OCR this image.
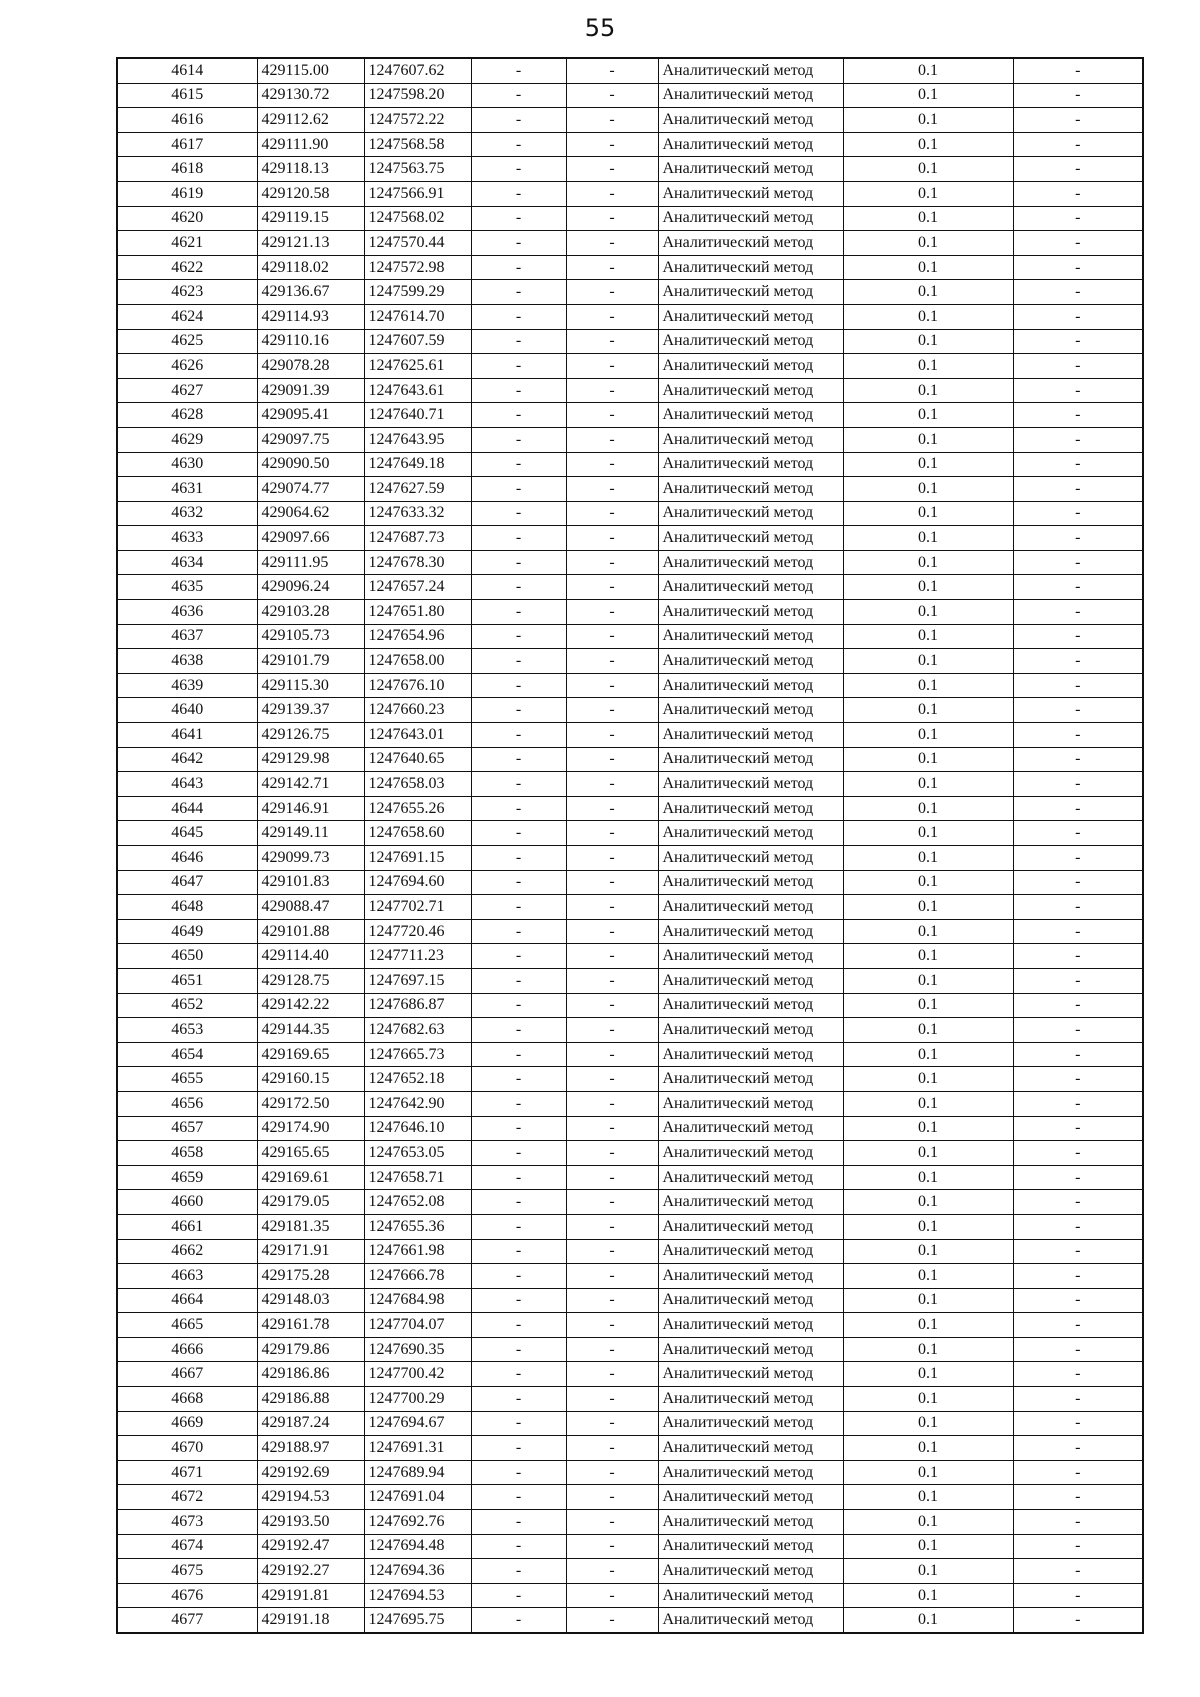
55
4614	429115.00	1247607.62	-	-	Аналитический метод	0.1	-
4615	429130.72	1247598.20	-	-	Аналитический метод	0.1	-
4616	429112.62	1247572.22	-	-	Аналитический метод	0.1	-
4617	429111.90	1247568.58	-	-	Аналитический метод	0.1	-
4618	429118.13	1247563.75	-	-	Аналитический метод	0.1	-
4619	429120.58	1247566.91	-	-	Аналитический метод	0.1	-
4620	429119.15	1247568.02	-	-	Аналитический метод	0.1	-
4621	429121.13	1247570.44	-	-	Аналитический метод	0.1	-
4622	429118.02	1247572.98	-	-	Аналитический метод	0.1	-
4623	429136.67	1247599.29	-	-	Аналитический метод	0.1	-
4624	429114.93	1247614.70	-	-	Аналитический метод	0.1	-
4625	429110.16	1247607.59	-	-	Аналитический метод	0.1	-
4626	429078.28	1247625.61	-	-	Аналитический метод	0.1	-
4627	429091.39	1247643.61	-	-	Аналитический метод	0.1	-
4628	429095.41	1247640.71	-	-	Аналитический метод	0.1	-
4629	429097.75	1247643.95	-	-	Аналитический метод	0.1	-
4630	429090.50	1247649.18	-	-	Аналитический метод	0.1	-
4631	429074.77	1247627.59	-	-	Аналитический метод	0.1	-
4632	429064.62	1247633.32	-	-	Аналитический метод	0.1	-
4633	429097.66	1247687.73	-	-	Аналитический метод	0.1	-
4634	429111.95	1247678.30	-	-	Аналитический метод	0.1	-
4635	429096.24	1247657.24	-	-	Аналитический метод	0.1	-
4636	429103.28	1247651.80	-	-	Аналитический метод	0.1	-
4637	429105.73	1247654.96	-	-	Аналитический метод	0.1	-
4638	429101.79	1247658.00	-	-	Аналитический метод	0.1	-
4639	429115.30	1247676.10	-	-	Аналитический метод	0.1	-
4640	429139.37	1247660.23	-	-	Аналитический метод	0.1	-
4641	429126.75	1247643.01	-	-	Аналитический метод	0.1	-
4642	429129.98	1247640.65	-	-	Аналитический метод	0.1	-
4643	429142.71	1247658.03	-	-	Аналитический метод	0.1	-
4644	429146.91	1247655.26	-	-	Аналитический метод	0.1	-
4645	429149.11	1247658.60	-	-	Аналитический метод	0.1	-
4646	429099.73	1247691.15	-	-	Аналитический метод	0.1	-
4647	429101.83	1247694.60	-	-	Аналитический метод	0.1	-
4648	429088.47	1247702.71	-	-	Аналитический метод	0.1	-
4649	429101.88	1247720.46	-	-	Аналитический метод	0.1	-
4650	429114.40	1247711.23	-	-	Аналитический метод	0.1	-
4651	429128.75	1247697.15	-	-	Аналитический метод	0.1	-
4652	429142.22	1247686.87	-	-	Аналитический метод	0.1	-
4653	429144.35	1247682.63	-	-	Аналитический метод	0.1	-
4654	429169.65	1247665.73	-	-	Аналитический метод	0.1	-
4655	429160.15	1247652.18	-	-	Аналитический метод	0.1	-
4656	429172.50	1247642.90	-	-	Аналитический метод	0.1	-
4657	429174.90	1247646.10	-	-	Аналитический метод	0.1	-
4658	429165.65	1247653.05	-	-	Аналитический метод	0.1	-
4659	429169.61	1247658.71	-	-	Аналитический метод	0.1	-
4660	429179.05	1247652.08	-	-	Аналитический метод	0.1	-
4661	429181.35	1247655.36	-	-	Аналитический метод	0.1	-
4662	429171.91	1247661.98	-	-	Аналитический метод	0.1	-
4663	429175.28	1247666.78	-	-	Аналитический метод	0.1	-
4664	429148.03	1247684.98	-	-	Аналитический метод	0.1	-
4665	429161.78	1247704.07	-	-	Аналитический метод	0.1	-
4666	429179.86	1247690.35	-	-	Аналитический метод	0.1	-
4667	429186.86	1247700.42	-	-	Аналитический метод	0.1	-
4668	429186.88	1247700.29	-	-	Аналитический метод	0.1	-
4669	429187.24	1247694.67	-	-	Аналитический метод	0.1	-
4670	429188.97	1247691.31	-	-	Аналитический метод	0.1	-
4671	429192.69	1247689.94	-	-	Аналитический метод	0.1	-
4672	429194.53	1247691.04	-	-	Аналитический метод	0.1	-
4673	429193.50	1247692.76	-	-	Аналитический метод	0.1	-
4674	429192.47	1247694.48	-	-	Аналитический метод	0.1	-
4675	429192.27	1247694.36	-	-	Аналитический метод	0.1	-
4676	429191.81	1247694.53	-	-	Аналитический метод	0.1	-
4677	429191.18	1247695.75	-	-	Аналитический метод	0.1	-
